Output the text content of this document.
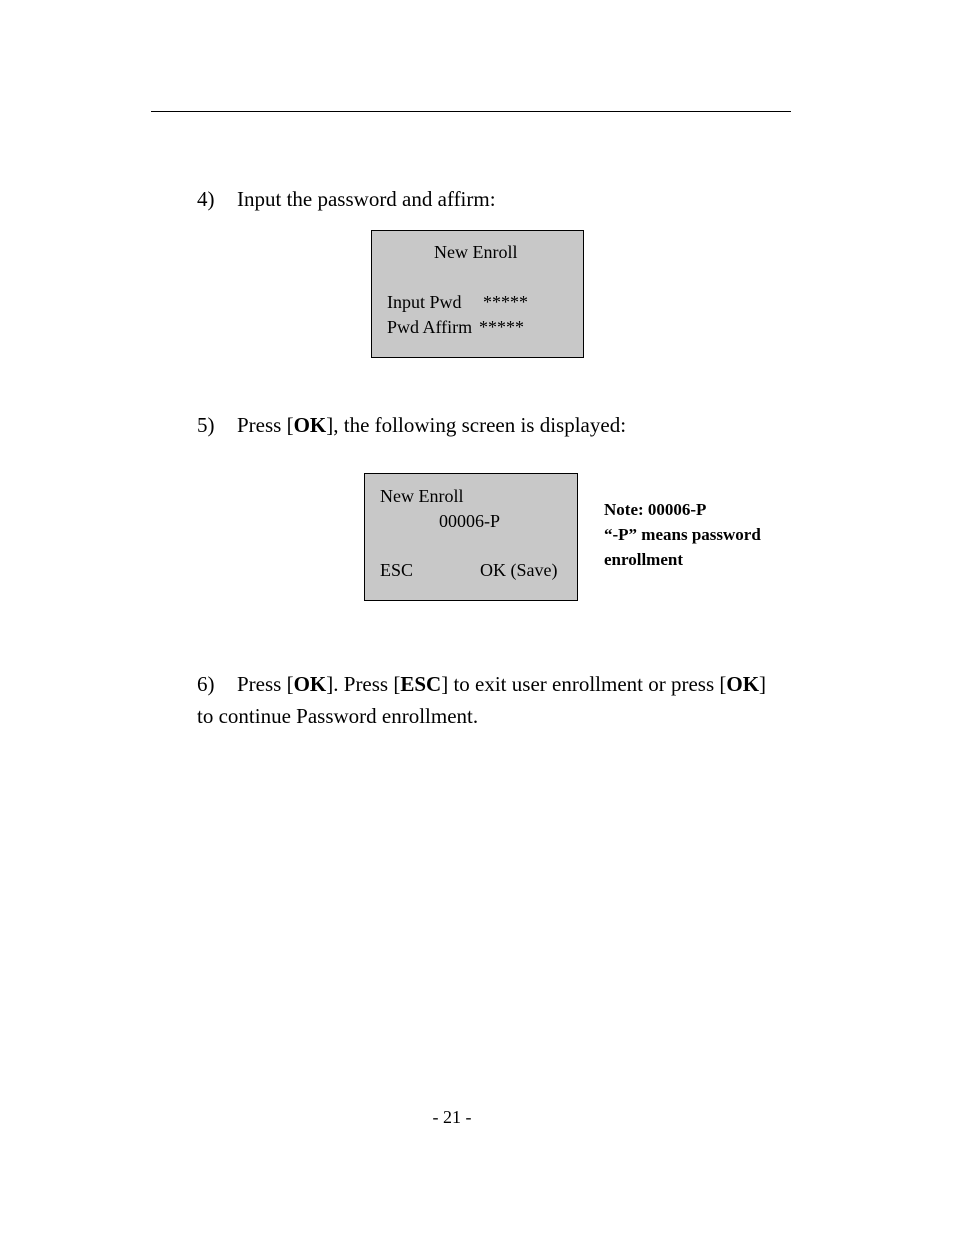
4) Input the password and affirm:
New Enroll
Input Pwd *****
Pwd Affirm *****
5) Press [OK], the following screen is displayed:
New Enroll
00006-P
ESC	OK (Save)
Note: 00006-P
“-P” means password
enrollment
6) Press [OK]. Press [ESC] to exit user enrollment or press [OK]
to continue Password enrollment.
- 21 -
